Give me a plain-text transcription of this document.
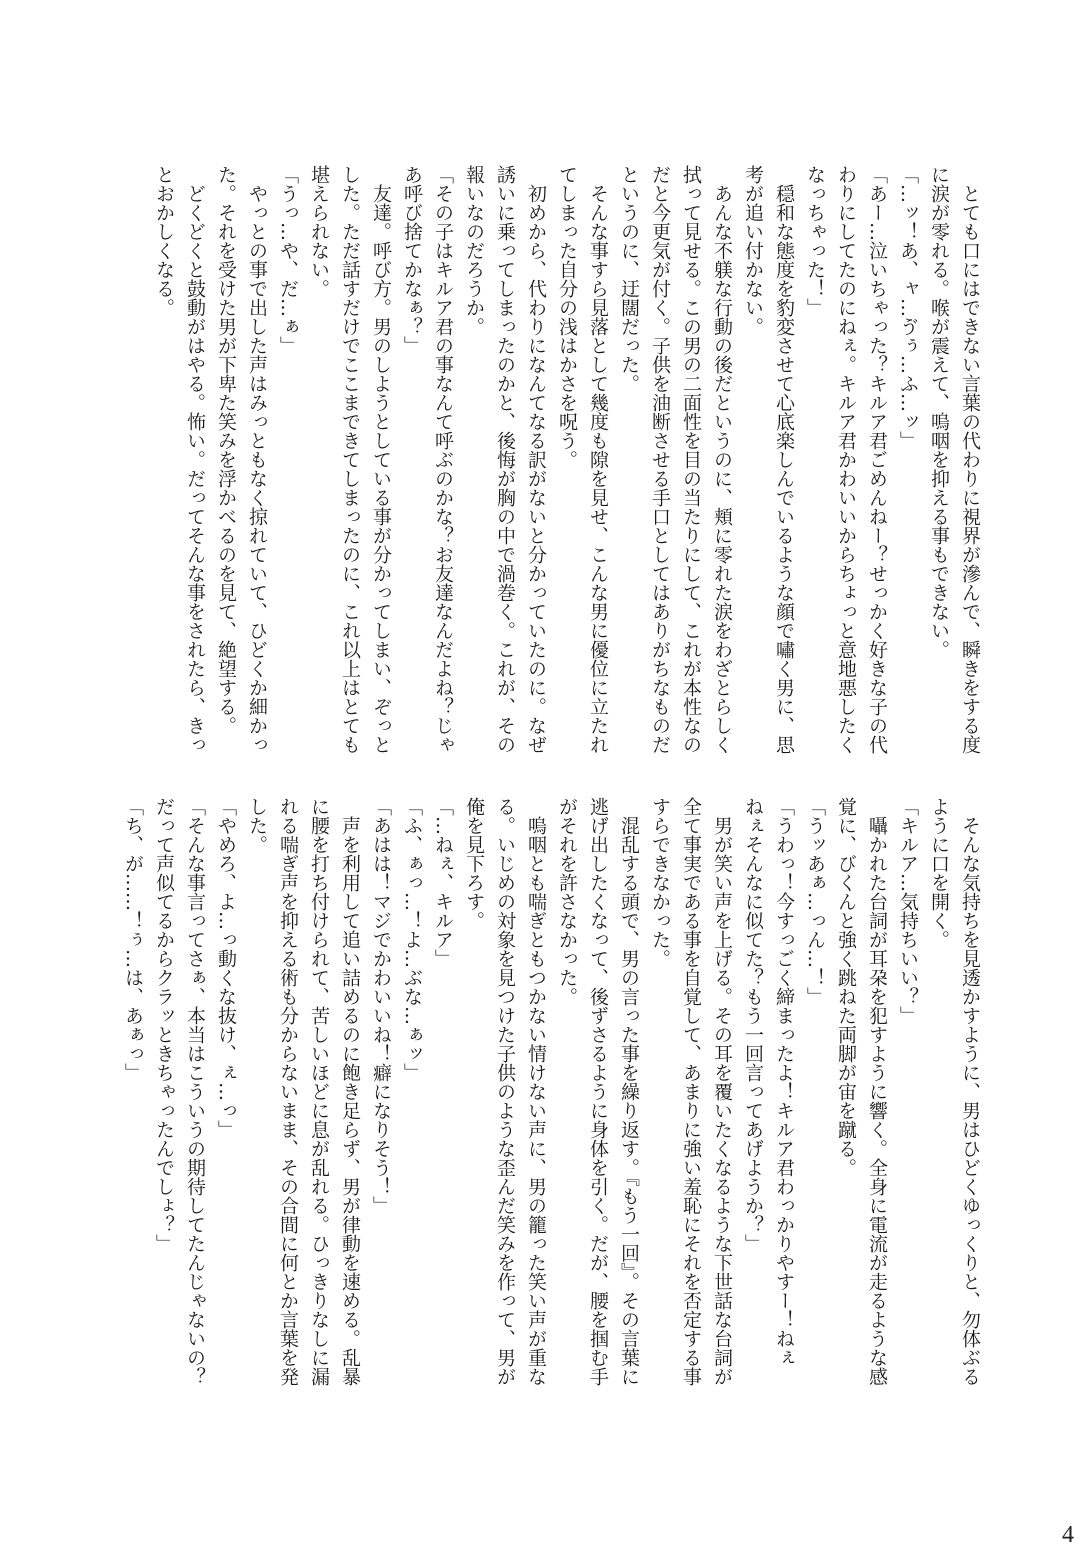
　とても口にはできない言葉の代わりに視界が滲んで、瞬きをする度
に涙が零れる。喉が震えて、嗚咽を抑える事もできない。
「…ッ！あ、ャ…ゔぅ…ふ…ッ」
「あー…泣いちゃった？キルア君ごめんねー？せっかく好きな子の代
わりにしてたのにねぇ。キルア君かわいいからちょっと意地悪したく
なっちゃった！」
　穏和な態度を豹変させて心底楽しんでいるような顔で嘯く男に、思
考が追い付かない。
　あんな不躾な行動の後だというのに、頬に零れた涙をわざとらしく
拭って見せる。この男の二面性を目の当たりにして、これが本性なの
だと今更気が付く。子供を油断させる手口としてはありがちなものだ
というのに、迂闊だった。
　そんな事すら見落として幾度も隙を見せ、こんな男に優位に立たれ
てしまった自分の浅はかさを呪う。
　初めから、代わりになんてなる訳がないと分かっていたのに。なぜ
誘いに乗ってしまったのかと、後悔が胸の中で渦巻く。これが、その
報いなのだろうか。
「その子はキルア君の事なんて呼ぶのかな？お友達なんだよね？じゃ
あ呼び捨てかなぁ？」
　友達。呼び方。男のしようとしている事が分かってしまい、ぞっと
した。ただ話すだけでここまできてしまったのに、これ以上はとても
堪えられない。
「うっ…や、だ…ぁ」
　やっとの事で出した声はみっともなく掠れていて、ひどくか細かっ
た。それを受けた男が下卑た笑みを浮かべるのを見て、絶望する。
　どくどくと鼓動がはやる。怖い。だってそんな事をされたら、きっ
とおかしくなる。
　そんな気持ちを見透かすように、男はひどくゆっくりと、勿体ぶる
ように口を開く。
「キルア…気持ちいい？」
　囁かれた台詞が耳朶を犯すように響く。全身に電流が走るような感
覚に、びくんと強く跳ねた両脚が宙を蹴る。
「うッあぁ…っん…！」
「うわっ！今すっごく締まったよ！キルア君わっかりやすー！ねぇ
ねぇそんなに似てた？もう一回言ってあげようか？」
　男が笑い声を上げる。その耳を覆いたくなるような下世話な台詞が
全て事実である事を自覚して、あまりに強い羞恥にそれを否定する事
すらできなかった。
　混乱する頭で、男の言った事を繰り返す。『もう一回』。その言葉に
逃げ出したくなって、後ずさるように身体を引く。だが、腰を掴む手
がそれを許さなかった。
　嗚咽とも喘ぎともつかない情けない声に、男の籠った笑い声が重な
る。いじめの対象を見つけた子供のような歪んだ笑みを作って、男が
俺を見下ろす。
「…ねぇ、キルア」
「ふ、ぁっ…！よ…ぶな…ぁッ」
「あはは！マジでかわいいね！癖になりそう！」
　声を利用して追い詰めるのに飽き足らず、男が律動を速める。乱暴
に腰を打ち付けられて、苦しいほどに息が乱れる。ひっきりなしに漏
れる喘ぎ声を抑える術も分からないまま、その合間に何とか言葉を発
した。
「やめろ、よ…っ動くな抜け、ぇ…っ」
「そんな事言ってさぁ、本当はこういうの期待してたんじゃないの？
だって声似てるからクラッときちゃったんでしょ？」
「ち、が……！ぅ…は、あぁっ」
4
